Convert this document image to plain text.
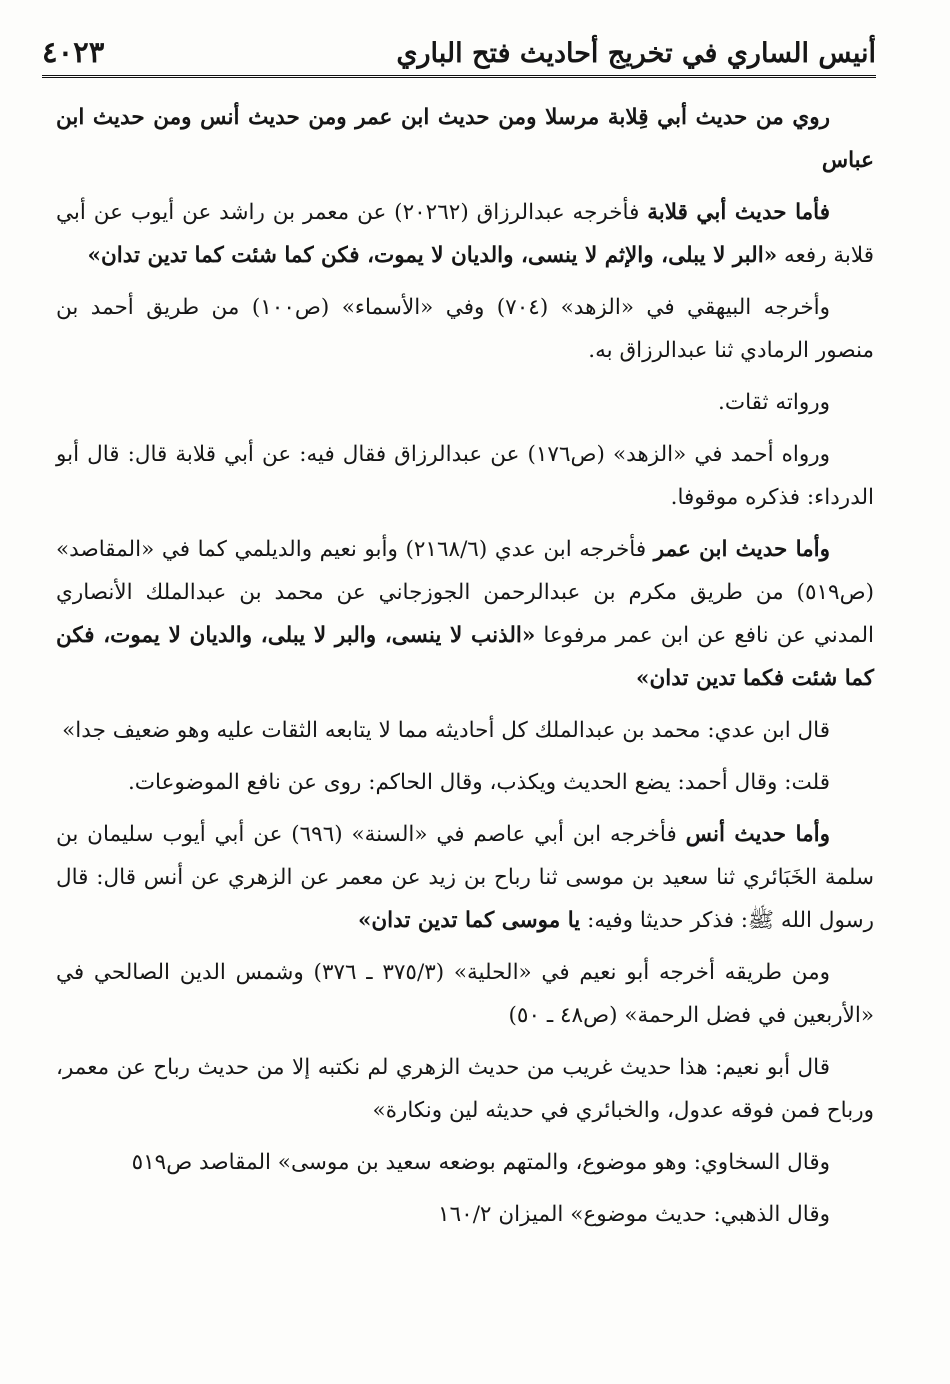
أنيس الساري في تخريج أحاديث فتح الباري
٤٠٢٣

روي من حديث أبي قِلابة مرسلا ومن حديث ابن عمر ومن حديث أنس ومن حديث ابن عباس

فأما حديث أبي قلابة فأخرجه عبدالرزاق (٢٠٢٦٢) عن معمر بن راشد عن أيوب عن أبي قلابة رفعه «البر لا يبلى، والإثم لا ينسى، والديان لا يموت، فكن كما شئت كما تدين تدان»

وأخرجه البيهقي في «الزهد» (٧٠٤) وفي «الأسماء» (ص١٠٠) من طريق أحمد بن منصور الرمادي ثنا عبدالرزاق به.

ورواته ثقات.

ورواه أحمد في «الزهد» (ص١٧٦) عن عبدالرزاق فقال فيه: عن أبي قلابة قال: قال أبو الدرداء: فذكره موقوفا.

وأما حديث ابن عمر فأخرجه ابن عدي (٢١٦٨/٦) وأبو نعيم والديلمي كما في «المقاصد» (ص٥١٩) من طريق مكرم بن عبدالرحمن الجوزجاني عن محمد بن عبدالملك الأنصاري المدني عن نافع عن ابن عمر مرفوعا «الذنب لا ينسى، والبر لا يبلى، والديان لا يموت، فكن كما شئت فكما تدين تدان»

قال ابن عدي: محمد بن عبدالملك كل أحاديثه مما لا يتابعه الثقات عليه وهو ضعيف جدا»

قلت: وقال أحمد: يضع الحديث ويكذب، وقال الحاكم: روى عن نافع الموضوعات.

وأما حديث أنس فأخرجه ابن أبي عاصم في «السنة» (٦٩٦) عن أبي أيوب سليمان بن سلمة الخَبَائري ثنا سعيد بن موسى ثنا رباح بن زيد عن معمر عن الزهري عن أنس قال: قال رسول الله ﷺ: فذكر حديثا وفيه: يا موسى كما تدين تدان»

ومن طريقه أخرجه أبو نعيم في «الحلية» (٣٧٥/٣ ـ ٣٧٦) وشمس الدين الصالحي في «الأربعين في فضل الرحمة» (ص٤٨ ـ ٥٠)

قال أبو نعيم: هذا حديث غريب من حديث الزهري لم نكتبه إلا من حديث رباح عن معمر، ورباح فمن فوقه عدول، والخبائري في حديثه لين ونكارة»

وقال السخاوي: وهو موضوع، والمتهم بوضعه سعيد بن موسى» المقاصد ص٥١٩

وقال الذهبي: حديث موضوع» الميزان ١٦٠/٢
